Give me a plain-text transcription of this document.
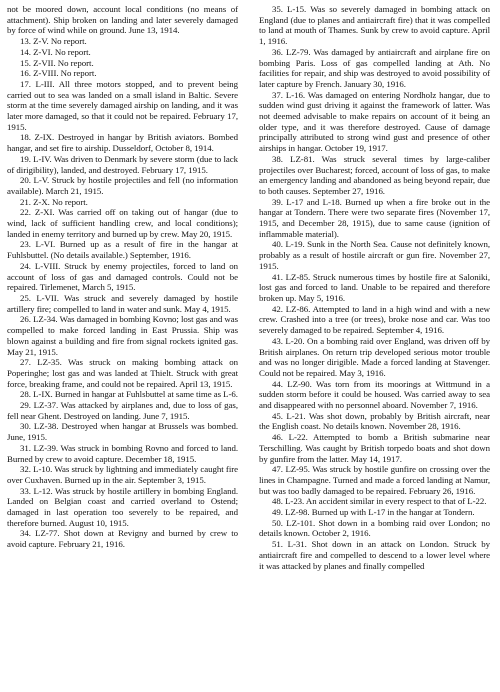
not be moored down, account local conditions (no means of attachment). Ship broken on landing and later severely damaged by force of wind while on ground. June 13, 1914.

13. Z-V. No report.

14. Z-VI. No report.

15. Z-VII. No report.

16. Z-VIII. No report.

17. L-III. All three motors stopped, and to prevent being carried out to sea was landed on a small island in Baltic. Severe storm at the time severely damaged airship on landing, and it was later more damaged, so that it could not be repaired. February 17, 1915.

18. Z-IX. Destroyed in hangar by British aviators. Bombed hangar, and set fire to airship. Dusseldorf, October 8, 1914.

19. L-IV. Was driven to Denmark by severe storm (due to lack of dirigibility), landed, and destroyed. February 17, 1915.

20. L-V. Struck by hostile projectiles and fell (no information available). March 21, 1915.

21. Z-X. No report.

22. Z-XI. Was carried off on taking out of hangar (due to wind, lack of sufficient handling crew, and local conditions); landed in enemy territory and burned up by crew. May 20, 1915.

23. L-VI. Burned up as a result of fire in the hangar at Fuhlsbuttel. (No details available.) September, 1916.

24. L-VIII. Struck by enemy projectiles, forced to land on account of loss of gas and damaged controls. Could not be repaired. Tirlemenet, March 5, 1915.

25. L-VII. Was struck and severely damaged by hostile artillery fire; compelled to land in water and sunk. May 4, 1915.

26. LZ-34. Was damaged in bombing Kovno; lost gas and was compelled to make forced landing in East Prussia. Ship was blown against a building and fire from signal rockets ignited gas. May 21, 1915.

27. LZ-35. Was struck on making bombing attack on Poperinghe; lost gas and was landed at Thielt. Struck with great force, breaking frame, and could not be repaired. April 13, 1915.

28. L-IX. Burned in hangar at Fuhlsbuttel at same time as L-6.

29. LZ-37. Was attacked by airplanes and, due to loss of gas, fell near Ghent. Destroyed on landing. June 7, 1915.

30. LZ-38. Destroyed when hangar at Brussels was bombed. June, 1915.

31. LZ-39. Was struck in bombing Rovno and forced to land. Burned by crew to avoid capture. December 18, 1915.

32. L-10. Was struck by lightning and immediately caught fire over Cuxhaven. Burned up in the air. September 3, 1915.

33. L-12. Was struck by hostile artillery in bombing England. Landed on Belgian coast and carried overland to Ostend; damaged in last operation too severely to be repaired, and therefore burned. August 10, 1915.

34. LZ-77. Shot down at Revigny and burned by crew to avoid capture. February 21, 1916.

35. L-15. Was so severely damaged in bombing attack on England (due to planes and antiaircraft fire) that it was compelled to land at mouth of Thames. Sunk by crew to avoid capture. April 1, 1916.

36. LZ-79. Was damaged by antiaircraft and airplane fire on bombing Paris. Loss of gas compelled landing at Ath. No facilities for repair, and ship was destroyed to avoid possibility of later capture by French. January 30, 1916.

37. L-16. Was damaged on entering Nordholz hangar, due to sudden wind gust driving it against the framework of latter. Was not deemed advisable to make repairs on account of it being an older type, and it was therefore destroyed. Cause of damage principally attributed to strong wind gust and presence of other airships in hangar. October 19, 1917.

38. LZ-81. Was struck several times by large-caliber projectiles over Bucharest; forced, account of loss of gas, to make an emergency landing and abandoned as being beyond repair, due to both causes. September 27, 1916.

39. L-17 and L-18. Burned up when a fire broke out in the hangar at Tondern. There were two separate fires (November 17, 1915, and December 28, 1915), due to same cause (ignition of inflammable material).

40. L-19. Sunk in the North Sea. Cause not definitely known, probably as a result of hostile aircraft or gun fire. November 27, 1915.

41. LZ-85. Struck numerous times by hostile fire at Saloniki, lost gas and forced to land. Unable to be repaired and therefore broken up. May 5, 1916.

42. LZ-86. Attempted to land in a high wind and with a new crew. Crashed into a tree (or trees), broke nose and car. Was too severely damaged to be repaired. September 4, 1916.

43. L-20. On a bombing raid over England, was driven off by British airplanes. On return trip developed serious motor trouble and was no longer dirigible. Made a forced landing at Stavenger. Could not be repaired. May 3, 1916.

44. LZ-90. Was torn from its moorings at Wittmund in a sudden storm before it could be housed. Was carried away to sea and disappeared with no personnel aboard. November 7, 1916.

45. L-21. Was shot down, probably by British aircraft, near the English coast. No details known. November 28, 1916.

46. L-22. Attempted to bomb a British submarine near Terschilling. Was caught by British torpedo boats and shot down by gunfire from the latter. May 14, 1917.

47. LZ-95. Was struck by hostile gunfire on crossing over the lines in Champagne. Turned and made a forced landing at Namur, but was too badly damaged to be repaired. February 26, 1916.

48. L-23. An accident similar in every respect to that of L-22.

49. LZ-98. Burned up with L-17 in the hangar at Tondern.

50. LZ-101. Shot down in a bombing raid over London; no details known. October 2, 1916.

51. L-31. Shot down in an attack on London. Struck by antiaircraft fire and compelled to descend to a lower level where it was attacked by planes and finally compelled
